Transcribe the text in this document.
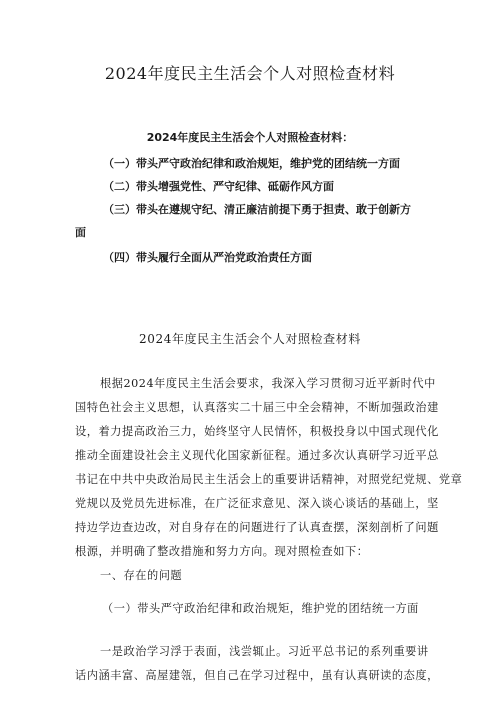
2024年度民主生活会个人对照检查材料
2024年度民主生活会个人对照检查材料：
（一）带头严守政治纪律和政治规矩，维护党的团结统一方面
（二）带头增强党性、严守纪律、砥砺作风方面
（三）带头在遵规守纪、清正廉洁前提下勇于担责、敢于创新方
面
（四）带头履行全面从严治党政治责任方面
2024年度民主生活会个人对照检查材料
根据2024年度民主生活会要求，我深入学习贯彻习近平新时代中
国特色社会主义思想，认真落实二十届三中全会精神，不断加强政治建
设，着力提高政治三力，始终坚守人民情怀，积极投身以中国式现代化
推动全面建设社会主义现代化国家新征程。通过多次认真研学习近平总
书记在中共中央政治局民主生活会上的重要讲话精神，对照党纪党规、党章
党规以及党员先进标准，在广泛征求意见、深入谈心谈话的基础上，坚
持边学边查边改，对自身存在的问题进行了认真查摆，深刻剖析了问题
根源，并明确了整改措施和努力方向。现对照检查如下：
一、存在的问题
（一）带头严守政治纪律和政治规矩，维护党的团结统一方面
一是政治学习浮于表面，浅尝辄止。习近平总书记的系列重要讲
话内涵丰富、高屋建瓴，但自己在学习过程中，虽有认真研读的态度，
